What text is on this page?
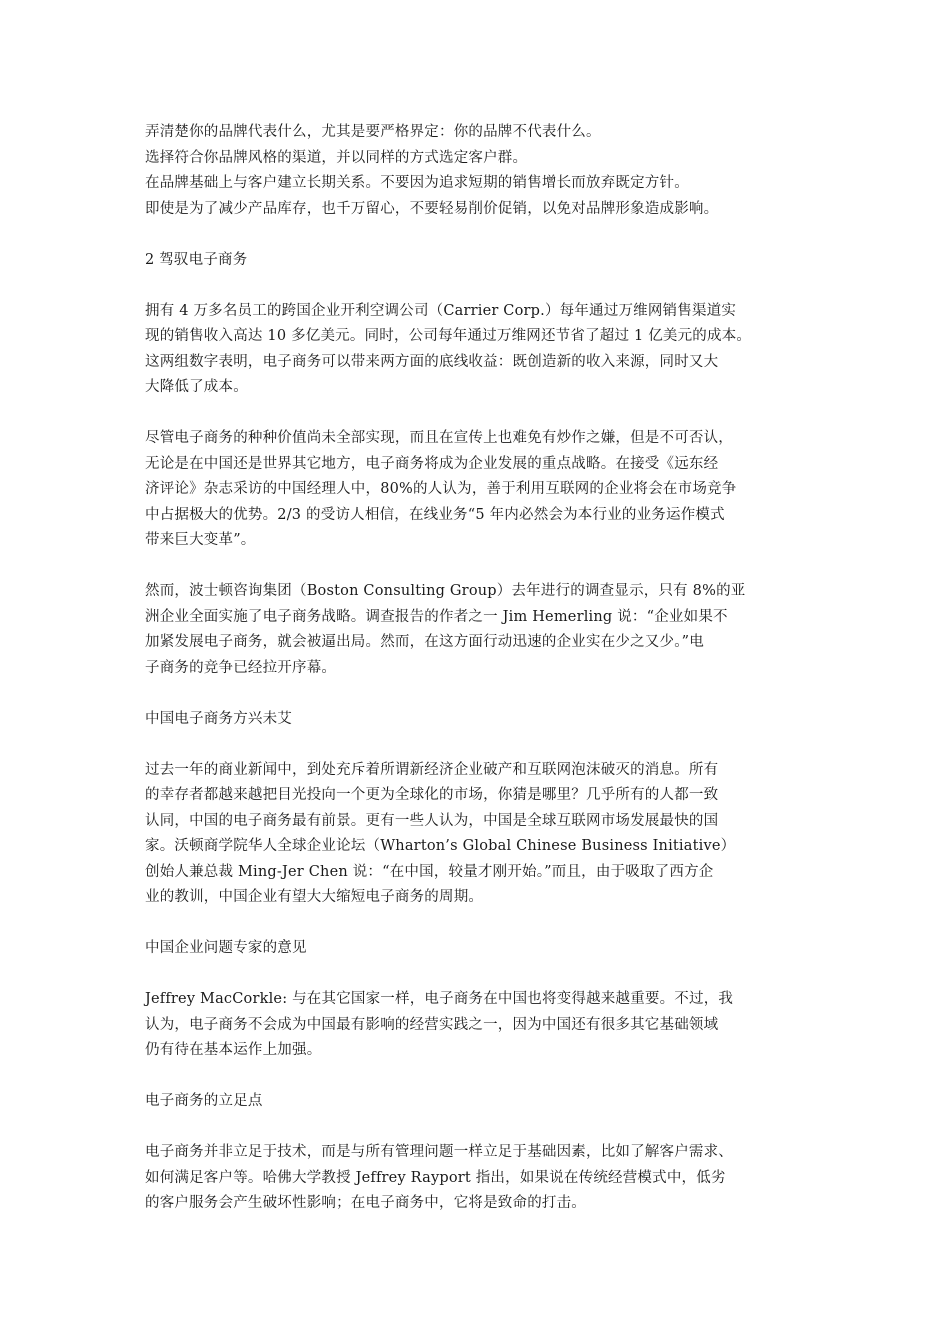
弄清楚你的品牌代表什么，尤其是要严格界定：你的品牌不代表什么。
选择符合你品牌风格的渠道，并以同样的方式选定客户群。
在品牌基础上与客户建立长期关系。不要因为追求短期的销售增长而放弃既定方针。
即使是为了减少产品库存，也千万留心，不要轻易削价促销，以免对品牌形象造成影响。
2 驾驭电子商务
拥有 4 万多名员工的跨国企业开利空调公司（Carrier Corp.）每年通过万维网销售渠道实
现的销售收入高达 10 多亿美元。同时，公司每年通过万维网还节省了超过 1 亿美元的成本。
这两组数字表明，电子商务可以带来两方面的底线收益：既创造新的收入来源，同时又大
大降低了成本。
尽管电子商务的种种价值尚未全部实现，而且在宣传上也难免有炒作之嫌，但是不可否认，
无论是在中国还是世界其它地方，电子商务将成为企业发展的重点战略。在接受《远东经
济评论》杂志采访的中国经理人中，80%的人认为，善于利用互联网的企业将会在市场竞争
中占据极大的优势。2/3 的受访人相信，在线业务“5 年内必然会为本行业的业务运作模式
带来巨大变革”。
然而，波士顿咨询集团（Boston Consulting Group）去年进行的调查显示，只有 8%的亚
洲企业全面实施了电子商务战略。调查报告的作者之一 Jim Hemerling 说：“企业如果不
加紧发展电子商务，就会被逼出局。然而，在这方面行动迅速的企业实在少之又少。”电
子商务的竞争已经拉开序幕。
中国电子商务方兴未艾
过去一年的商业新闻中，到处充斥着所谓新经济企业破产和互联网泡沫破灭的消息。所有
的幸存者都越来越把目光投向一个更为全球化的市场，你猜是哪里？几乎所有的人都一致
认同，中国的电子商务最有前景。更有一些人认为，中国是全球互联网市场发展最快的国
家。沃顿商学院华人全球企业论坛（Wharton’s Global Chinese Business Initiative）
创始人兼总裁 Ming-Jer Chen 说：“在中国，较量才刚开始。”而且，由于吸取了西方企
业的教训，中国企业有望大大缩短电子商务的周期。
中国企业问题专家的意见
Jeffrey MacCorkle: 与在其它国家一样，电子商务在中国也将变得越来越重要。不过，我
认为，电子商务不会成为中国最有影响的经营实践之一，因为中国还有很多其它基础领域
仍有待在基本运作上加强。
电子商务的立足点
电子商务并非立足于技术，而是与所有管理问题一样立足于基础因素，比如了解客户需求、
如何满足客户等。哈佛大学教授 Jeffrey Rayport 指出，如果说在传统经营模式中，低劣
的客户服务会产生破坏性影响；在电子商务中，它将是致命的打击。
